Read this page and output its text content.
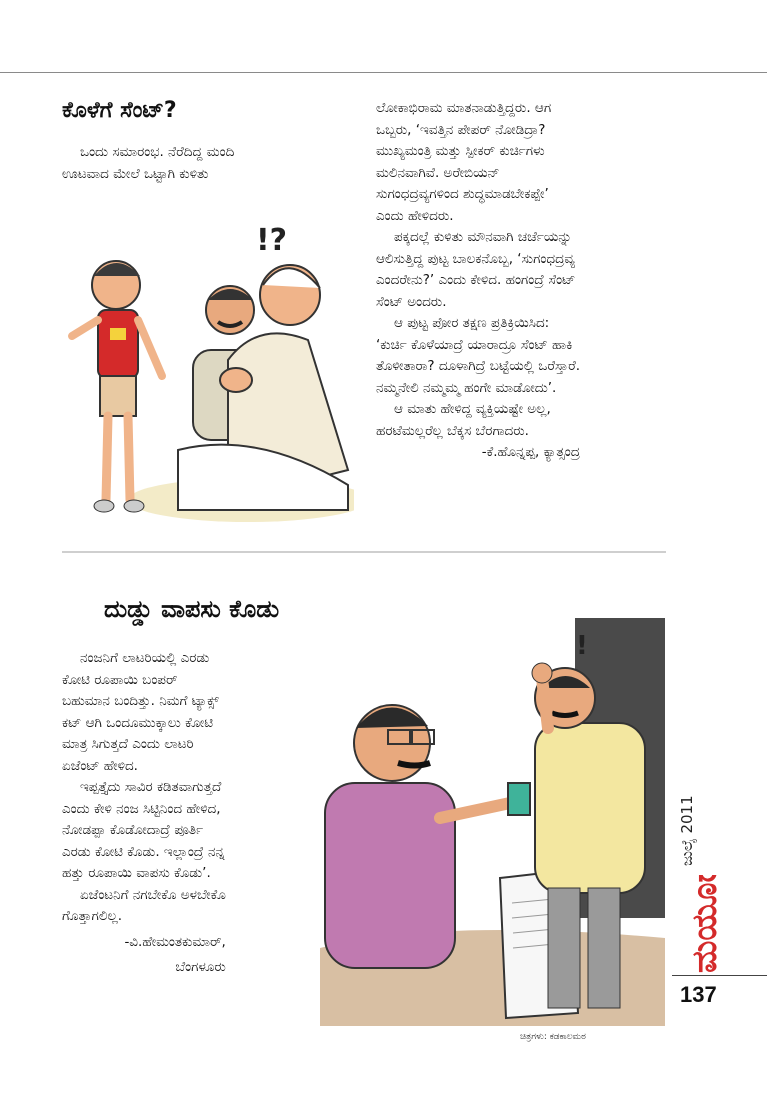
ಕೊಳೆಗೆ ಸೆಂಟ್?

ಒಂದು ಸಮಾರಂಭ. ನೆರೆದಿದ್ದ ಮಂದಿ

ಊಟವಾದ ಮೇಲೆ ಒಟ್ಟಾಗಿ ಕುಳಿತು

!?

ಲೋಕಾಭಿರಾಮ ಮಾತನಾಡುತ್ತಿದ್ದರು. ಆಗ

ಒಬ್ಬರು, ‘ಇವತ್ತಿನ ಪೇಪರ್ ನೋಡಿದ್ರಾ?

ಮುಖ್ಯಮಂತ್ರಿ ಮತ್ತು ಸ್ಪೀಕರ್ ಕುರ್ಚಿಗಳು

ಮಲಿನವಾಗಿವೆ. ಅರೇಬಿಯನ್

ಸುಗಂಧದ್ರವ್ಯಗಳಿಂದ ಶುದ್ಧಮಾಡಬೇಕಪ್ಪೇ’

ಎಂದು ಹೇಳಿದರು.

ಪಕ್ಕದಲ್ಲೆ ಕುಳಿತು ಮೌನವಾಗಿ ಚರ್ಚೆಯನ್ನು

ಆಲಿಸುತ್ತಿದ್ದ ಪುಟ್ಟ ಬಾಲಕನೊಬ್ಬ, ‘ಸುಗಂಧದ್ರವ್ಯ

ಎಂದರೇನು?’ ಎಂದು ಕೇಳಿದ. ಹಂಗಂದ್ರೆ ಸೆಂಟ್

ಸೆಂಟ್ ಅಂದರು.

ಆ ಪುಟ್ಟ ಪೋರ ತಕ್ಷಣ ಪ್ರತಿಕ್ರಿಯಿಸಿದ:

‘ಕುರ್ಚಿ ಕೊಳೆಯಾದ್ರೆ ಯಾರಾದ್ರೂ ಸೆಂಟ್ ಹಾಕಿ

ತೊಳೀತಾರಾ? ದೂಳಾಗಿದ್ರೆ ಬಟ್ಟೆಯಲ್ಲಿ ಒರೆಸ್ತಾರೆ.

ನಮ್ಮನೇಲಿ ನಮ್ಮಮ್ಮ ಹಂಗೇ ಮಾಡೋದು’.

ಆ ಮಾತು ಹೇಳಿದ್ದ ವ್ಯಕ್ತಿಯಷ್ಟೇ ಅಲ್ಲ,

ಹರಟೆಮಲ್ಲರೆಲ್ಲ ಬೆಕ್ಕಸ ಬೆರಗಾದರು.

-ಕೆ.ಹೊನ್ನಪ್ಪ, ಕ್ಯಾತ್ಸಂದ್ರ

ದುಡ್ಡು ವಾಪಸು ಕೊಡು

ನಂಜನಿಗೆ ಲಾಟರಿಯಲ್ಲಿ ಎರಡು

ಕೋಟಿ ರೂಪಾಯಿ ಬಂಪರ್

ಬಹುಮಾನ ಬಂದಿತ್ತು. ನಿಮಗೆ ಟ್ಯಾಕ್ಸ್

ಕಟ್ ಆಗಿ ಒಂದೂಮುಕ್ಕಾಲು ಕೋಟಿ

ಮಾತ್ರ ಸಿಗುತ್ತದೆ ಎಂದು ಲಾಟರಿ

ಏಜೆಂಟ್ ಹೇಳಿದ.

ಇಪ್ಪತ್ತೈದು ಸಾವಿರ ಕಡಿತವಾಗುತ್ತದೆ

ಎಂದು ಕೇಳಿ ನಂಜ ಸಿಟ್ಟಿನಿಂದ ಹೇಳಿದ,

ನೋಡಪ್ಪಾ ಕೊಡೋದಾದ್ರೆ ಪೂರ್ತಿ

ಎರಡು ಕೋಟಿ ಕೊಡು. ಇಲ್ಲಾಂದ್ರೆ ನನ್ನ

ಹತ್ತು ರೂಪಾಯಿ ವಾಪಸು ಕೊಡು’.

ಏಜೆಂಟನಿಗೆ ನಗಬೇಕೊ ಅಳಬೇಕೊ

ಗೊತ್ತಾಗಲಿಲ್ಲ.

-ವಿ.ಹೇಮಂತಕುಮಾರ್,

ಬೆಂಗಳೂರು

!
ಚಿತ್ರಗಳು: ಕಡಕಾಲಮಠ
ಜುಲೈ 2011
ಮಯೂರ
137
